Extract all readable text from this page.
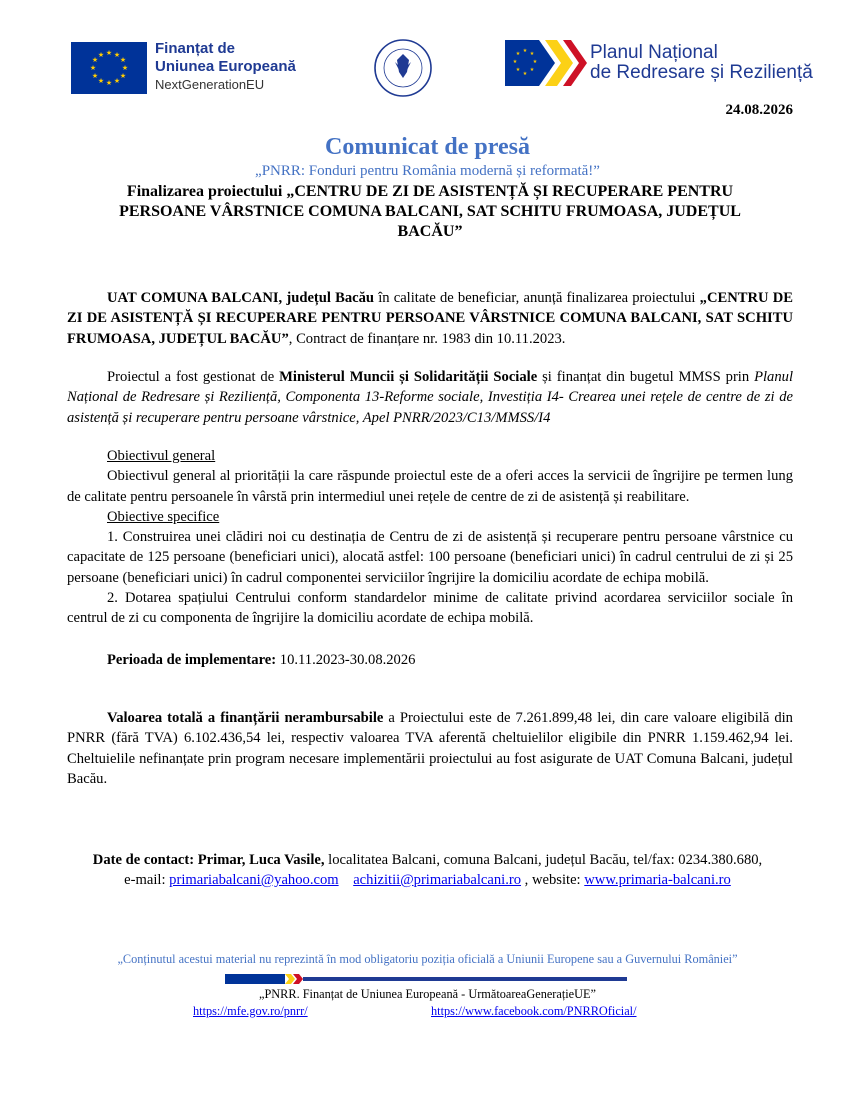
★ ★
★
★
★
★
★
★
★
★
★
★	Finanțat de
Uniunea Europeană
NextGenerationEU
★ ★
★
★
★
★
★
★	Planul Național
de Redresare și Reziliență
24.08.2026
Comunicat de presă
„PNRR: Fonduri pentru România modernă și reformată!”
Finalizarea proiectului „CENTRU DE ZI DE ASISTENȚĂ ȘI RECUPERARE PENTRU PERSOANE VÂRSTNICE COMUNA BALCANI, SAT SCHITU FRUMOASA, JUDEȚUL BACĂU”

UAT COMUNA BALCANI, județul Bacău în calitate de beneficiar, anunță finalizarea proiectului „CENTRU DE ZI DE ASISTENȚĂ ȘI RECUPERARE PENTRU PERSOANE VÂRSTNICE COMUNA BALCANI, SAT SCHITU FRUMOASA, JUDEȚUL BACĂU”, Contract de finanțare nr. 1983 din 10.11.2023.

Proiectul a fost gestionat de Ministerul Muncii și Solidarității Sociale și finanțat din bugetul MMSS prin Planul Național de Redresare și Reziliență, Componenta 13-Reforme sociale, Investiția I4- Crearea unei rețele de centre de zi de asistență și recuperare pentru persoane vârstnice, Apel PNRR/2023/C13/MMSS/I4

Obiectivul general

Obiectivul general al priorității la care răspunde proiectul este de a oferi acces la servicii de îngrijire pe termen lung de calitate pentru persoanele în vârstă prin intermediul unei rețele de centre de zi de asistență și reabilitare.

Obiective specifice

1. Construirea unei clădiri noi cu destinația de Centru de zi de asistență și recuperare pentru persoane vârstnice cu capacitate de 125 persoane (beneficiari unici), alocată astfel: 100 persoane (beneficiari unici) în cadrul centrului de zi și 25 persoane (beneficiari unici) în cadrul componentei serviciilor îngrijire la domiciliu acordate de echipa mobilă.

2. Dotarea spațiului Centrului conform standardelor minime de calitate privind acordarea serviciilor sociale în centrul de zi cu componenta de îngrijire la domiciliu acordate de echipa mobilă.

Perioada de implementare: 10.11.2023-30.08.2026

Valoarea totală a finanțării nerambursabile a Proiectului este de 7.261.899,48 lei, din care valoare eligibilă din PNRR (fără TVA) 6.102.436,54 lei, respectiv valoarea TVA aferentă cheltuielilor eligibile din PNRR 1.159.462,94 lei. Cheltuielile nefinanțate prin program necesare implementării proiectului au fost asigurate de UAT Comuna Balcani, județul Bacău.

Date de contact: Primar, Luca Vasile, localitatea Balcani, comuna Balcani, județul Bacău, tel/fax: 0234.380.680,
e-mail: primariabalcani@yahoo.com achizitii@primariabalcani.ro , website: www.primaria-balcani.ro
„Conținutul acestui material nu reprezintă în mod obligatoriu poziția oficială a Uniunii Europene sau a Guvernului României”
„PNRR. Finanțat de Uniunea Europeană - UrmătoareaGenerațieUE”
https://mfe.gov.ro/pnrr/	https://www.facebook.com/PNRROficial/
